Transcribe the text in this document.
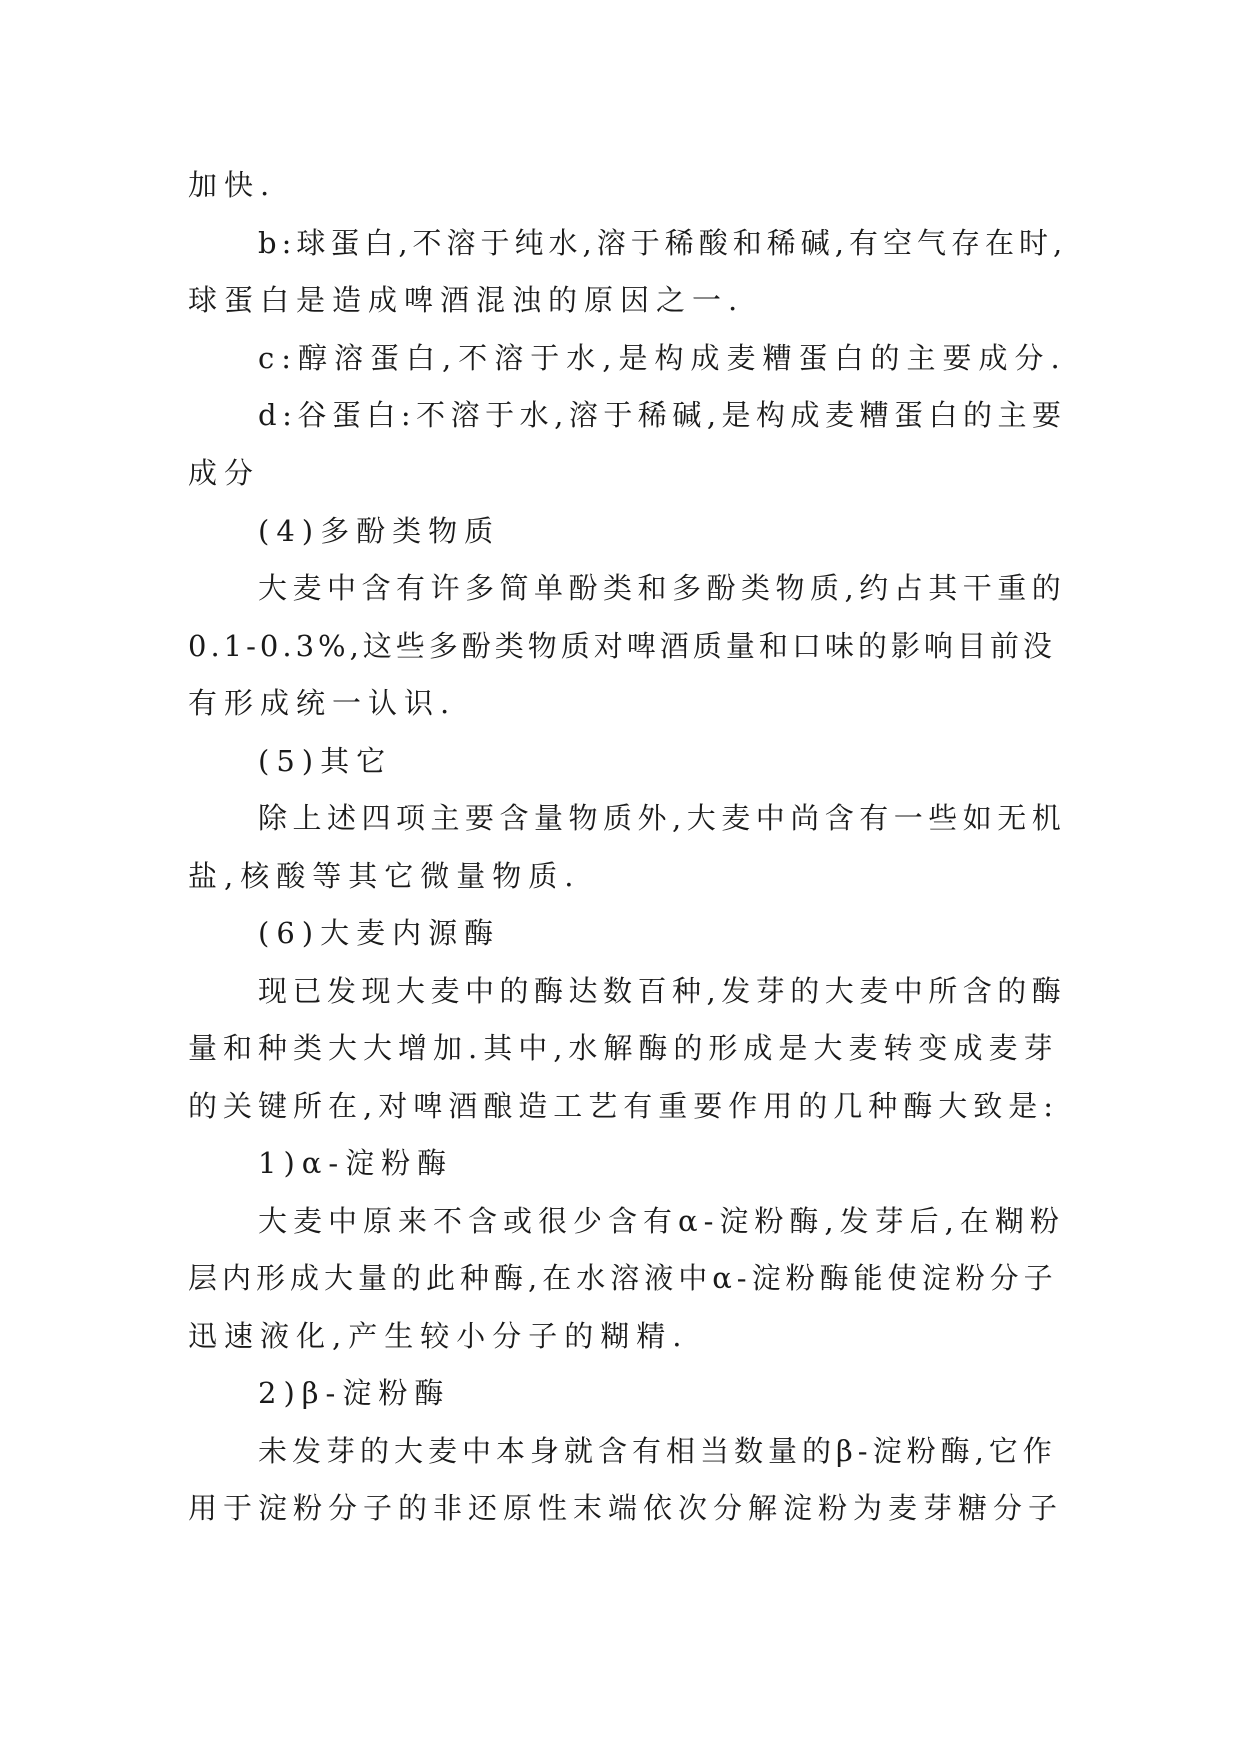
加快.
b:球蛋白,不溶于纯水,溶于稀酸和稀碱,有空气存在时,
球蛋白是造成啤酒混浊的原因之一.
c:醇溶蛋白,不溶于水,是构成麦糟蛋白的主要成分.
d:谷蛋白:不溶于水,溶于稀碱,是构成麦糟蛋白的主要
成分
(4)多酚类物质
大麦中含有许多简单酚类和多酚类物质,约占其干重的
0.1-0.3%,这些多酚类物质对啤酒质量和口味的影响目前没
有形成统一认识.
(5)其它
除上述四项主要含量物质外,大麦中尚含有一些如无机
盐,核酸等其它微量物质.
(6)大麦内源酶
现已发现大麦中的酶达数百种,发芽的大麦中所含的酶
量和种类大大增加.其中,水解酶的形成是大麦转变成麦芽
的关键所在,对啤酒酿造工艺有重要作用的几种酶大致是:
1)α-淀粉酶
大麦中原来不含或很少含有α-淀粉酶,发芽后,在糊粉
层内形成大量的此种酶,在水溶液中α-淀粉酶能使淀粉分子
迅速液化,产生较小分子的糊精.
2)β-淀粉酶
未发芽的大麦中本身就含有相当数量的β-淀粉酶,它作
用于淀粉分子的非还原性末端依次分解淀粉为麦芽糖分子
